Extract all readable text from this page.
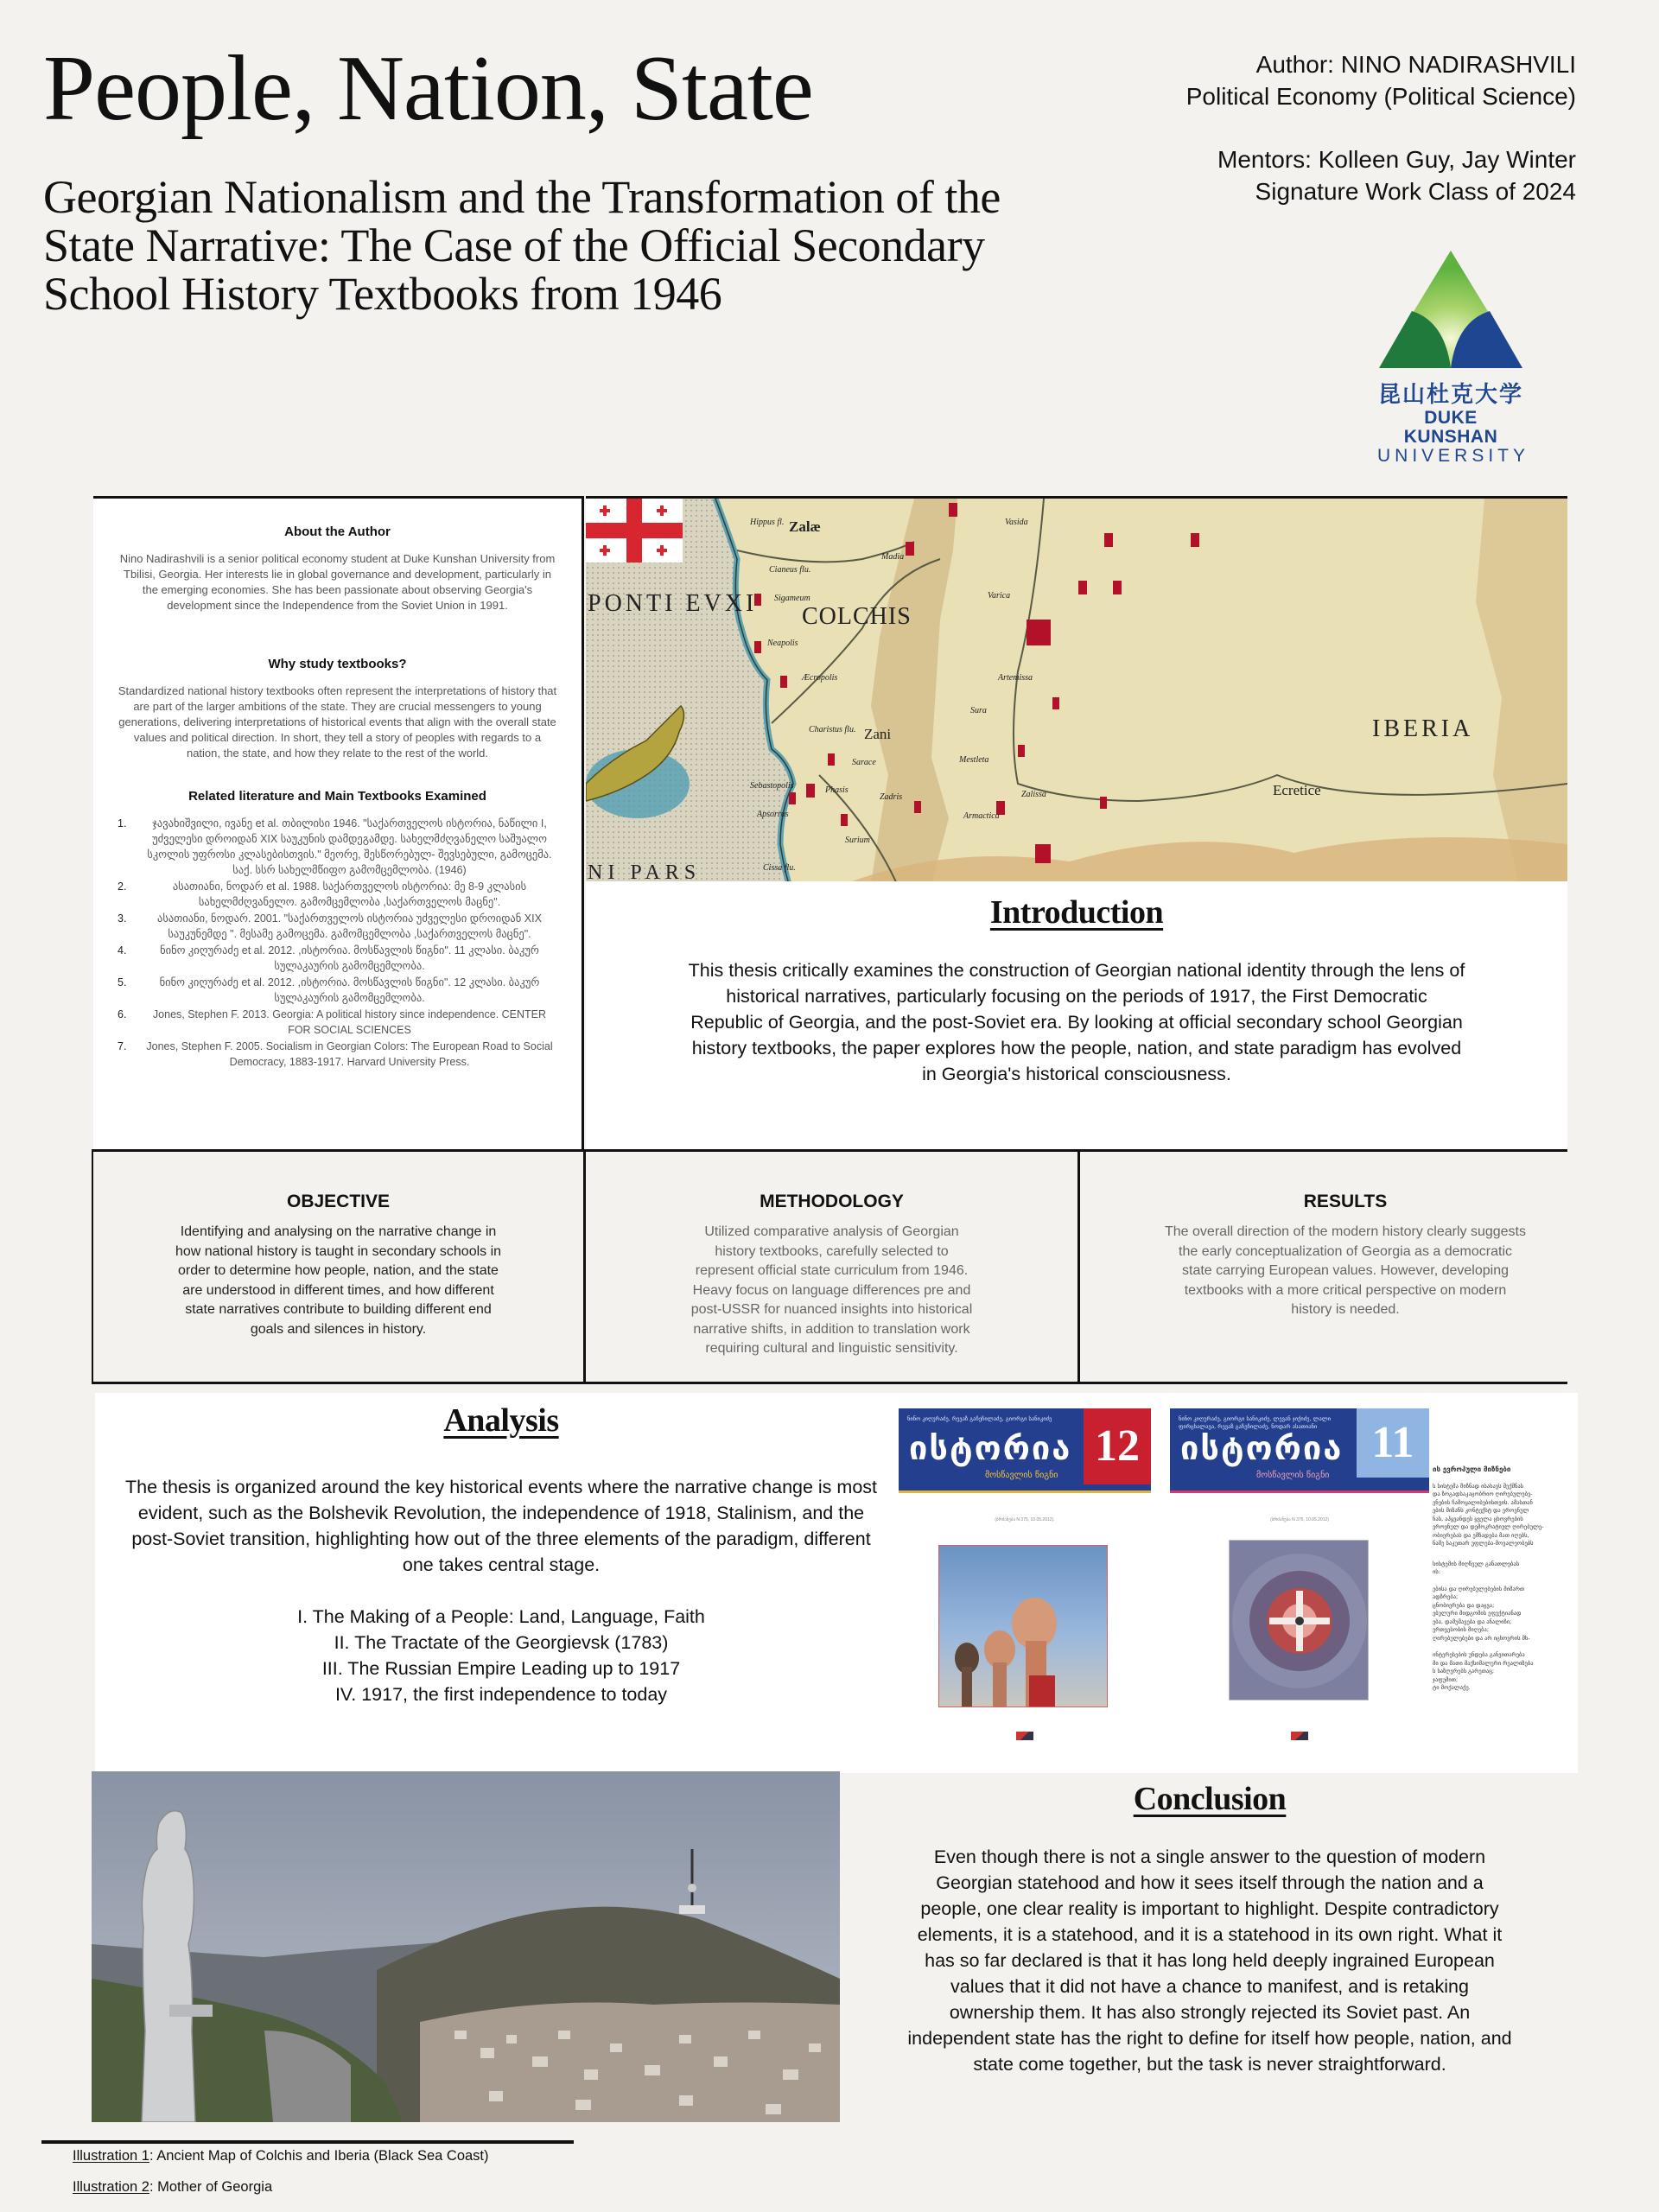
People, Nation, State
Georgian Nationalism and the Transformation of the State Narrative: The Case of the Official Secondary School History Textbooks from 1946
Author: NINO NADIRASHVILI
Political Economy (Political Science)
Mentors: Kolleen Guy, Jay Winter
Signature Work Class of 2024
昆山杜克大学
DUKE KUNSHAN
UNIVERSITY
About the Author

Nino Nadirashvili is a senior political economy student at Duke Kunshan University from Tbilisi, Georgia. Her interests lie in global governance and development, particularly in the emerging economies. She has been passionate about observing Georgia's development since the Independence from the Soviet Union in 1991.

Why study textbooks?

Standardized national history textbooks often represent the interpretations of history that are part of the larger ambitions of the state. They are crucial messengers to young generations, delivering interpretations of historical events that align with the overall state values and political direction. In short, they tell a story of peoples with regards to a nation, the state, and how they relate to the rest of the world.

Related literature and Main Textbooks Examined
1.	ჯავახიშვილი, ივანე et al. თბილისი 1946. "საქართველოს ისტორია, ნაწილი I, უძველესი დროიდან XIX საუკუნის დამდეგამდე. სახელმძღვანელო საშუალო სკოლის უფროსი კლასებისთვის." მეორე, შესწორებულ- შევსებული, გამოცემა. საქ. სსრ სახელმწიფო გამომცემლობა. (1946)
2.	ასათიანი, ნოდარ et al. 1988. საქართველოს ისტორია: მე 8-9 კლასის სახელმძღვანელო. გამომცემლობა ,საქართველოს მაცნე".
3.	ასათიანი, ნოდარ. 2001. "საქართველოს ისტორია უძველესი დროიდან XIX საუკუნემდე ". მესამე გამოცემა. გამომცემლობა ,საქართველოს მაცნე".
4.	ნინო კიღურაძე et al. 2012. ,ისტორია. მოსწავლის წიგნი". 11 კლასი. ბაკურ სულაკაურის გამომცემლობა.
5.	ნინო კიღურაძე et al. 2012. ,ისტორია. მოსწავლის წიგნი". 12 კლასი. ბაკურ სულაკაურის გამომცემლობა.
6.	Jones, Stephen F. 2013. Georgia: A political history since independence. CENTER FOR SOCIAL SCIENCES
7.	Jones, Stephen F. 2005. Socialism in Georgian Colors: The European Road to Social Democracy, 1883-1917. Harvard University Press.
PONTI EVXI
NI PARS
COLCHIS
IBERIA
Zalæ
Zani
Ecretice
Hippus fl.
Cianeus flu.
Sigameum
Neapolis
Æcropolis
Charistus flu.
Sebastopolis
Apsorrus
Phasis
Sarace
Surium
Zadris
Madia
Vasida
Varica
Artemissa
Sura
Mestleta
Zalissa
Armactica
Cissa flu.
Introduction

This thesis critically examines the construction of Georgian national identity through the lens of historical narratives, particularly focusing on the periods of 1917, the First Democratic Republic of Georgia, and the post-Soviet era. By looking at official secondary school Georgian history textbooks, the paper explores how the people, nation, and state paradigm has evolved in Georgia's historical consciousness.

OBJECTIVE

Identifying and analysing on the narrative change in how national history is taught in secondary schools in order to determine how people, nation, and the state are understood in different times, and how different state narratives contribute to building different end goals and silences in history.

METHODOLOGY

Utilized comparative analysis of Georgian history textbooks, carefully selected to represent official state curriculum from 1946. Heavy focus on language differences pre and post-USSR for nuanced insights into historical narrative shifts, in addition to translation work requiring cultural and linguistic sensitivity.

RESULTS

The overall direction of the modern history clearly suggests the early conceptualization of Georgia as a democratic state carrying European values. However, developing textbooks with a more critical perspective on modern history is needed.

Analysis

The thesis is organized around the key historical events where the narrative change is most evident, such as the Bolshevik Revolution, the independence of 1918, Stalinism, and the post-Soviet transition, highlighting how out of the three elements of the paradigm, different one takes central stage.

I. The Making of a People: Land, Language, Faith
II. The Tractate of the Georgievsk (1783)
III. The Russian Empire Leading up to 1917
IV. 1917, the first independence to today
ნინო კიღურაძე, რევაზ გაჩეჩილაძე, გიორგი სანიკიძე
ისტორია
მოსწავლის წიგნი
12
(ბრძანება N 375, 10.05.2012).
ნინო კიღურაძე, გიორგი სანიკიძე, ლევან ჯიქიძე, ლალი ფირცხალავა, რევაზ გაჩეჩილაძე, ნოდარ ასათიანი
ისტორია
მოსწავლის წიგნი
11
(ბრძანება N 375, 10.05.2012)
ის ევროპული მიზნები
ს სისტემა მიზნად ისახავს შექმნას
და ზოგადსაკაცობრიო ღირებულებე-
ენების ჩამოყალიბებისთვის. ამასთან
ების მიზანს კონტექსტ და ეროვნულ
ნას, აჰყვანდეს ყველა ცხოვრების
ეროვნულ და დემოკრატიულ ღირებულე-
ობიერებას და ემზადება მათ იღებს,
ნამე საკუთარ უფლება-მოვალეობებს
სისტემის მიღწეულ განათლებას
ის:
ებისა და ღირებულებების მიმართ
ადზრება;
ცნობიერება და დაცვა;
ებულური მიდგომის ეფექტიანად
ება, დამუშავება და ანალიზი;
ერთვესობის მიღება;
ღირებულებები და არ იცხოვრის მხ-
ინტერესების უნდება განვითარება
მი და მათი მაქსიმალური რეალიზება
ს საზღვრებს გარეთაც;
ჯაფუმით;
ტი მოქალაქე.
Conclusion

Even though there is not a single answer to the question of modern Georgian statehood and how it sees itself through the nation and a people, one clear reality is important to highlight. Despite contradictory elements, it is a statehood, and it is a statehood in its own right. What it has so far declared is that it has long held deeply ingrained European values that it did not have a chance to manifest, and is retaking ownership them. It has also strongly rejected its Soviet past. An independent state has the right to define for itself how people, nation, and state come together, but the task is never straightforward.

Illustration 1: Ancient Map of Colchis and Iberia (Black Sea Coast)
Illustration 2: Mother of Georgia
